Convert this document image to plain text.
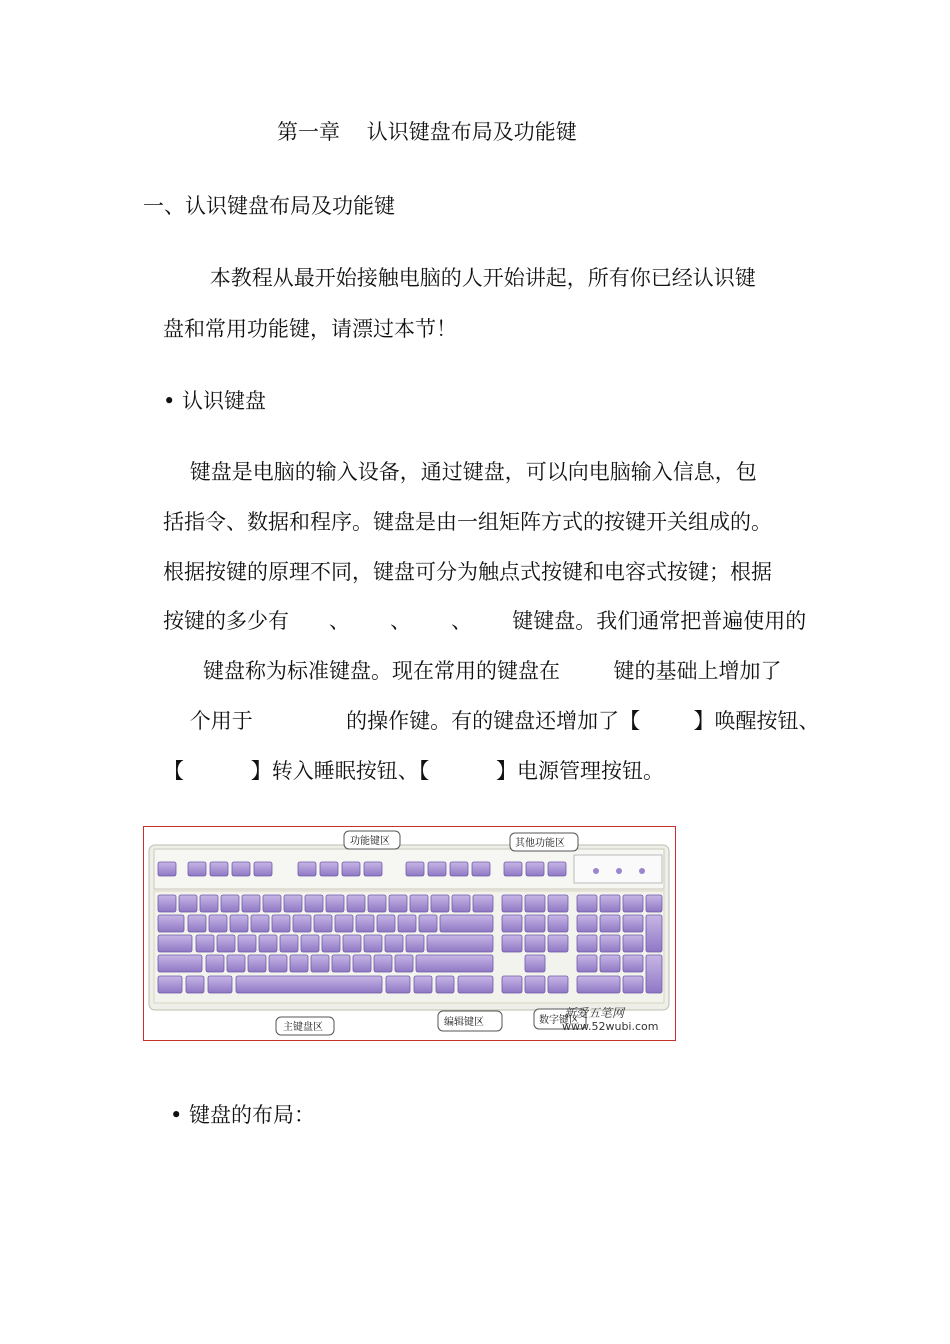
第一章    认识键盘布局及功能键
一、认识键盘布局及功能键
本教程从最开始接触电脑的人开始讲起，所有你已经认识键
盘和常用功能键，请漂过本节！
• 认识键盘
键盘是电脑的输入设备，通过键盘，可以向电脑输入信息，包
括指令、数据和程序。键盘是由一组矩阵方式的按键开关组成的。
根据按键的原理不同，键盘可分为触点式按键和电容式按键；根据
按键的多少有      、      、      、      键键盘。我们通常把普遍使用的
键盘称为标准键盘。现在常用的键盘在        键的基础上增加了
个用于              的操作键。有的键盘还增加了【        】唤醒按钮、
【          】转入睡眠按钮、【          】电源管理按钮。
功能键区	其他功能区
主键盘区	编辑键区	数字键区
新爱五笔网
www.52wubi.com
• 键盘的布局：
